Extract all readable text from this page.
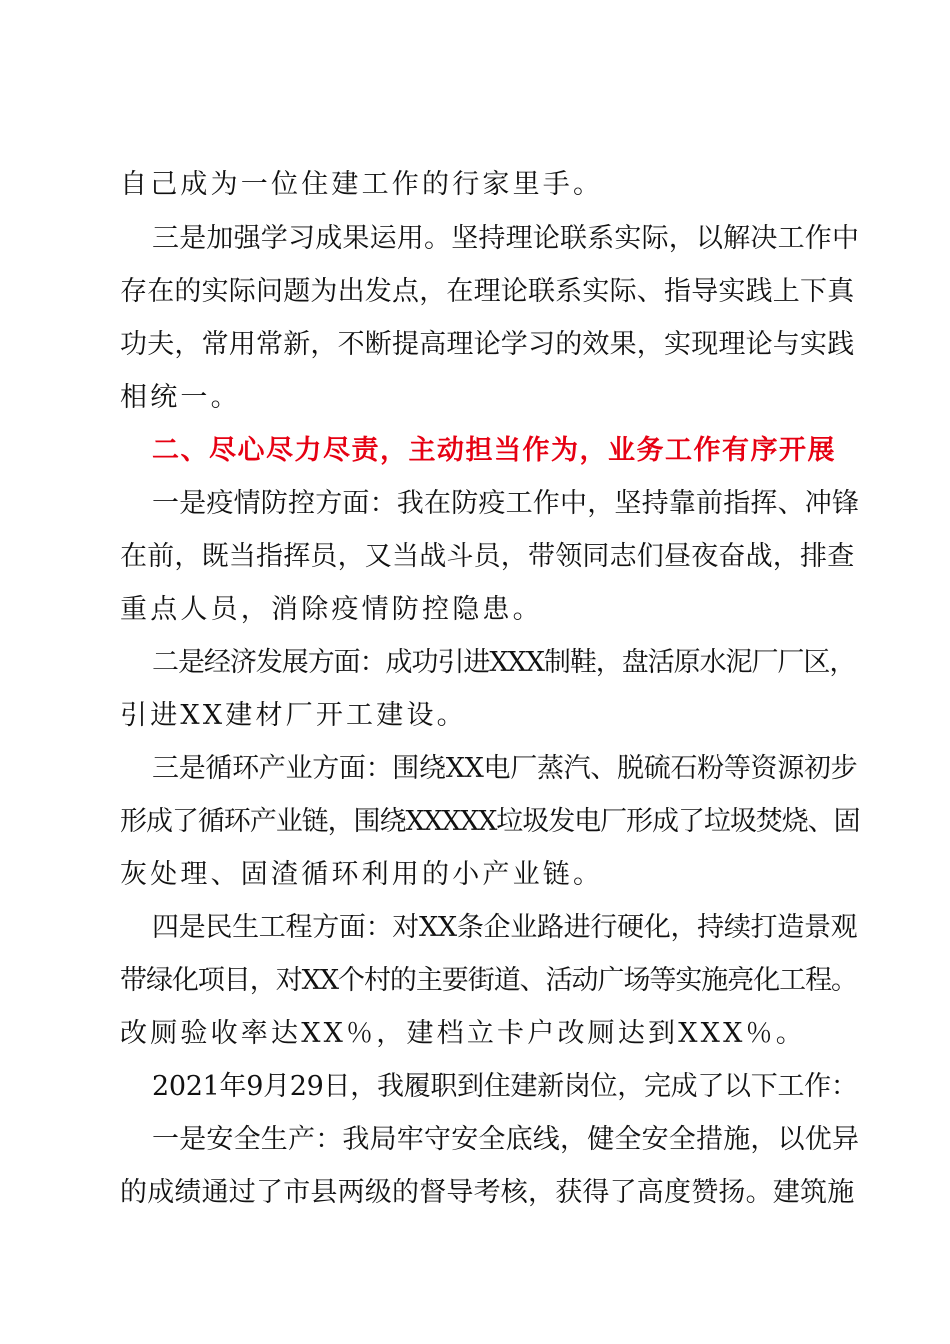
自己成为一位住建工作的行家里手。
三是加强学习成果运用。坚持理论联系实际，以解决工作中
存在的实际问题为出发点，在理论联系实际、指导实践上下真
功夫，常用常新，不断提高理论学习的效果，实现理论与实践
相统一。
二、尽心尽力尽责，主动担当作为，业务工作有序开展
一是疫情防控方面：我在防疫工作中，坚持靠前指挥、冲锋
在前，既当指挥员，又当战斗员，带领同志们昼夜奋战，排查
重点人员，消除疫情防控隐患。
二是经济发展方面：成功引进XXX制鞋，盘活原水泥厂厂区，
引进XX建材厂开工建设。
三是循环产业方面：围绕XX电厂蒸汽、脱硫石粉等资源初步
形成了循环产业链，围绕XXXXX垃圾发电厂形成了垃圾焚烧、固
灰处理、固渣循环利用的小产业链。
四是民生工程方面：对XX条企业路进行硬化，持续打造景观
带绿化项目，对XX个村的主要街道、活动广场等实施亮化工程。
改厕验收率达XX％，建档立卡户改厕达到XXX％。
2021年9月29日，我履职到住建新岗位，完成了以下工作：
一是安全生产：我局牢守安全底线，健全安全措施，以优异
的成绩通过了市县两级的督导考核，获得了高度赞扬。建筑施
